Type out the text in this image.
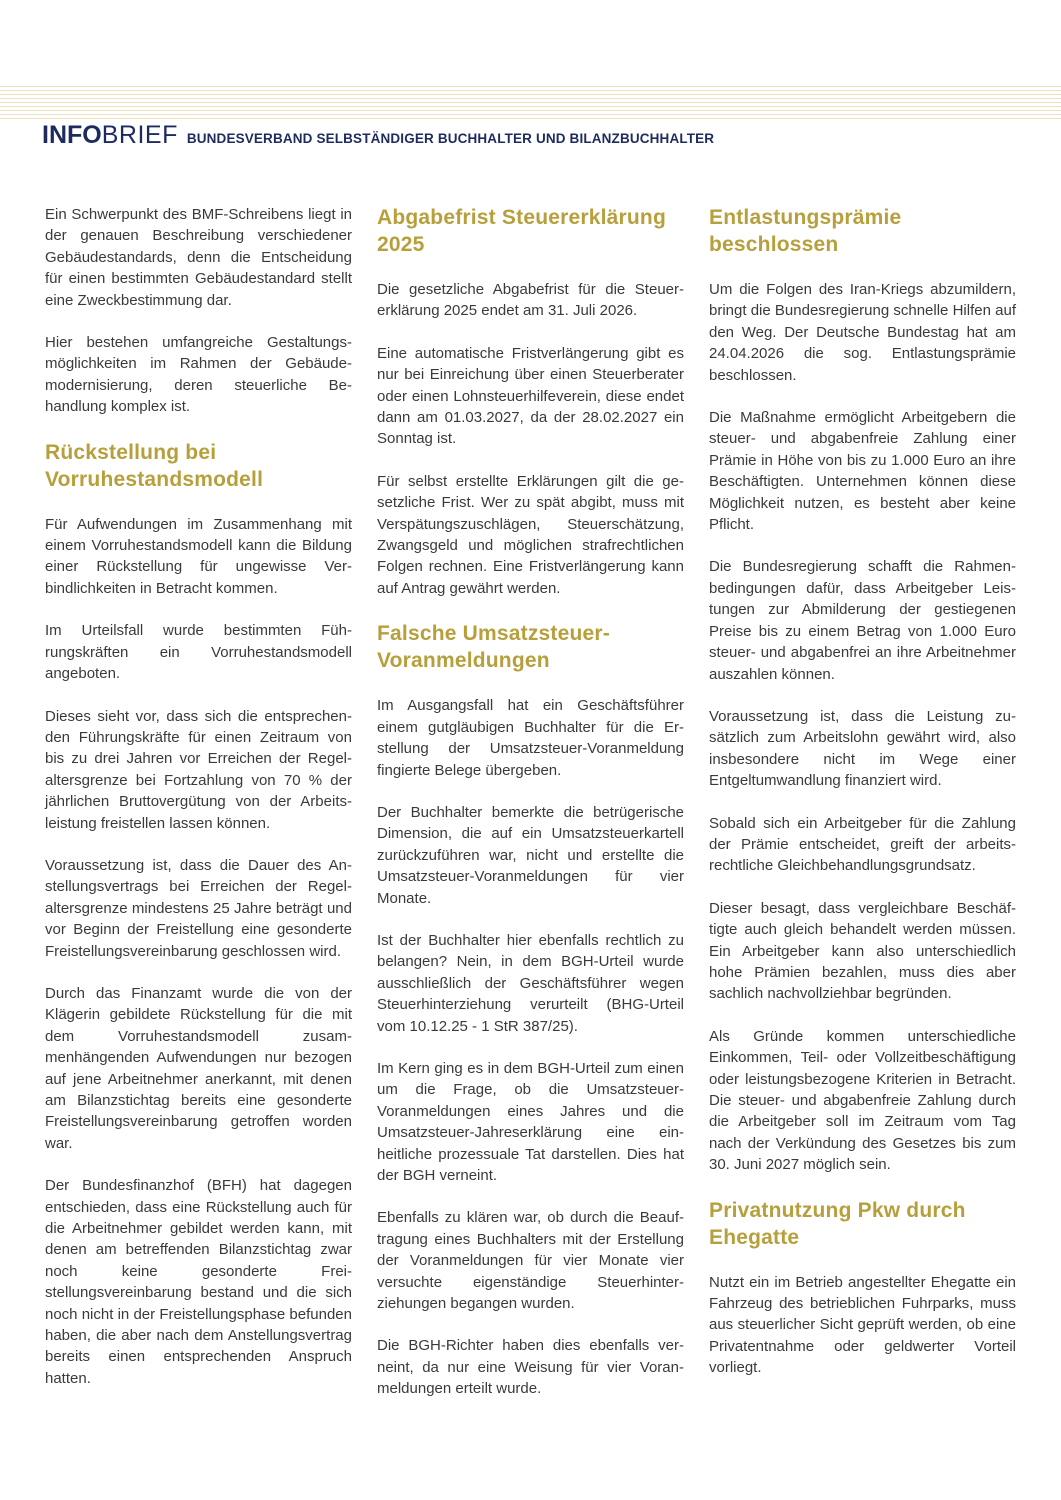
INFO BRIEF BUNDESVERBAND SELBSTÄNDIGER BUCHHALTER UND BILANZBUCHHALTER

Ein Schwerpunkt des BMF-Schreibens liegt in der genauen Beschreibung verschiedener Gebäudestandards, denn die Entscheidung für einen bestimmten Gebäudestandard stellt eine Zweckbestimmung dar.

Hier bestehen umfangreiche Gestaltungsmöglichkeiten im Rahmen der Gebäudemodernisierung, deren steuerliche Behandlung komplex ist.

Rückstellung bei Vorruhestandsmodell

Für Aufwendungen im Zusammenhang mit einem Vorruhestandsmodell kann die Bildung einer Rückstellung für ungewisse Verbindlichkeiten in Betracht kommen.

Im Urteilsfall wurde bestimmten Führungskräften ein Vorruhestandsmodell angeboten.

Dieses sieht vor, dass sich die entsprechenden Führungskräfte für einen Zeitraum von bis zu drei Jahren vor Erreichen der Regelaltersgrenze bei Fortzahlung von 70 % der jährlichen Bruttovergütung von der Arbeitsleistung freistellen lassen können.

Voraussetzung ist, dass die Dauer des Anstellungsvertrags bei Erreichen der Regelaltersgrenze mindestens 25 Jahre beträgt und vor Beginn der Freistellung eine gesonderte Freistellungsvereinbarung geschlossen wird.

Durch das Finanzamt wurde die von der Klägerin gebildete Rückstellung für die mit dem Vorruhestandsmodell zusammenhängenden Aufwendungen nur bezogen auf jene Arbeitnehmer anerkannt, mit denen am Bilanzstichtag bereits eine gesonderte Freistellungsvereinbarung getroffen worden war.

Der Bundesfinanzhof (BFH) hat dagegen entschieden, dass eine Rückstellung auch für die Arbeitnehmer gebildet werden kann, mit denen am betreffenden Bilanzstichtag zwar noch keine gesonderte Freistellungsvereinbarung bestand und die sich noch nicht in der Freistellungsphase befunden haben, die aber nach dem Anstellungsvertrag bereits einen entsprechenden Anspruch hatten.

Abgabefrist Steuererklärung 2025

Die gesetzliche Abgabefrist für die Steuererklärung 2025 endet am 31. Juli 2026.

Eine automatische Fristverlängerung gibt es nur bei Einreichung über einen Steuerberater oder einen Lohnsteuerhilfeverein, diese endet dann am 01.03.2027, da der 28.02.2027 ein Sonntag ist.

Für selbst erstellte Erklärungen gilt die gesetzliche Frist. Wer zu spät abgibt, muss mit Verspätungszuschlägen, Steuerschätzung, Zwangsgeld und möglichen strafrechtlichen Folgen rechnen. Eine Fristverlängerung kann auf Antrag gewährt werden.

Falsche Umsatzsteuer-Voranmeldungen

Im Ausgangsfall hat ein Geschäftsführer einem gutgläubigen Buchhalter für die Erstellung der Umsatzsteuer-Voranmeldung fingierte Belege übergeben.

Der Buchhalter bemerkte die betrügerische Dimension, die auf ein Umsatzsteuerkartell zurückzuführen war, nicht und erstellte die Umsatzsteuer-Voranmeldungen für vier Monate.

Ist der Buchhalter hier ebenfalls rechtlich zu belangen? Nein, in dem BGH-Urteil wurde ausschließlich der Geschäftsführer wegen Steuerhinterziehung verurteilt (BHG-Urteil vom 10.12.25 - 1 StR 387/25).

Im Kern ging es in dem BGH-Urteil zum einen um die Frage, ob die Umsatzsteuer-Voranmeldungen eines Jahres und die Umsatzsteuer-Jahreserklärung eine einheitliche prozessuale Tat darstellen. Dies hat der BGH verneint.

Ebenfalls zu klären war, ob durch die Beauftragung eines Buchhalters mit der Erstellung der Voranmeldungen für vier Monate vier versuchte eigenständige Steuerhinterziehungen begangen wurden.

Die BGH-Richter haben dies ebenfalls verneint, da nur eine Weisung für vier Voranmeldungen erteilt wurde.

Entlastungsprämie beschlossen

Um die Folgen des Iran-Kriegs abzumildern, bringt die Bundesregierung schnelle Hilfen auf den Weg. Der Deutsche Bundestag hat am 24.04.2026 die sog. Entlastungsprämie beschlossen.

Die Maßnahme ermöglicht Arbeitgebern die steuer- und abgabenfreie Zahlung einer Prämie in Höhe von bis zu 1.000 Euro an ihre Beschäftigten. Unternehmen können diese Möglichkeit nutzen, es besteht aber keine Pflicht.

Die Bundesregierung schafft die Rahmenbedingungen dafür, dass Arbeitgeber Leistungen zur Abmilderung der gestiegenen Preise bis zu einem Betrag von 1.000 Euro steuer- und abgabenfrei an ihre Arbeitnehmer auszahlen können.

Voraussetzung ist, dass die Leistung zusätzlich zum Arbeitslohn gewährt wird, also insbesondere nicht im Wege einer Entgeltumwandlung finanziert wird.

Sobald sich ein Arbeitgeber für die Zahlung der Prämie entscheidet, greift der arbeitsrechtliche Gleichbehandlungsgrundsatz.

Dieser besagt, dass vergleichbare Beschäftigte auch gleich behandelt werden müssen. Ein Arbeitgeber kann also unterschiedlich hohe Prämien bezahlen, muss dies aber sachlich nachvollziehbar begründen.

Als Gründe kommen unterschiedliche Einkommen, Teil- oder Vollzeitbeschäftigung oder leistungsbezogene Kriterien in Betracht. Die steuer- und abgabenfreie Zahlung durch die Arbeitgeber soll im Zeitraum vom Tag nach der Verkündung des Gesetzes bis zum 30. Juni 2027 möglich sein.

Privatnutzung Pkw durch Ehegatte

Nutzt ein im Betrieb angestellter Ehegatte ein Fahrzeug des betrieblichen Fuhrparks, muss aus steuerlicher Sicht geprüft werden, ob eine Privatentnahme oder geldwerter Vorteil vorliegt.
